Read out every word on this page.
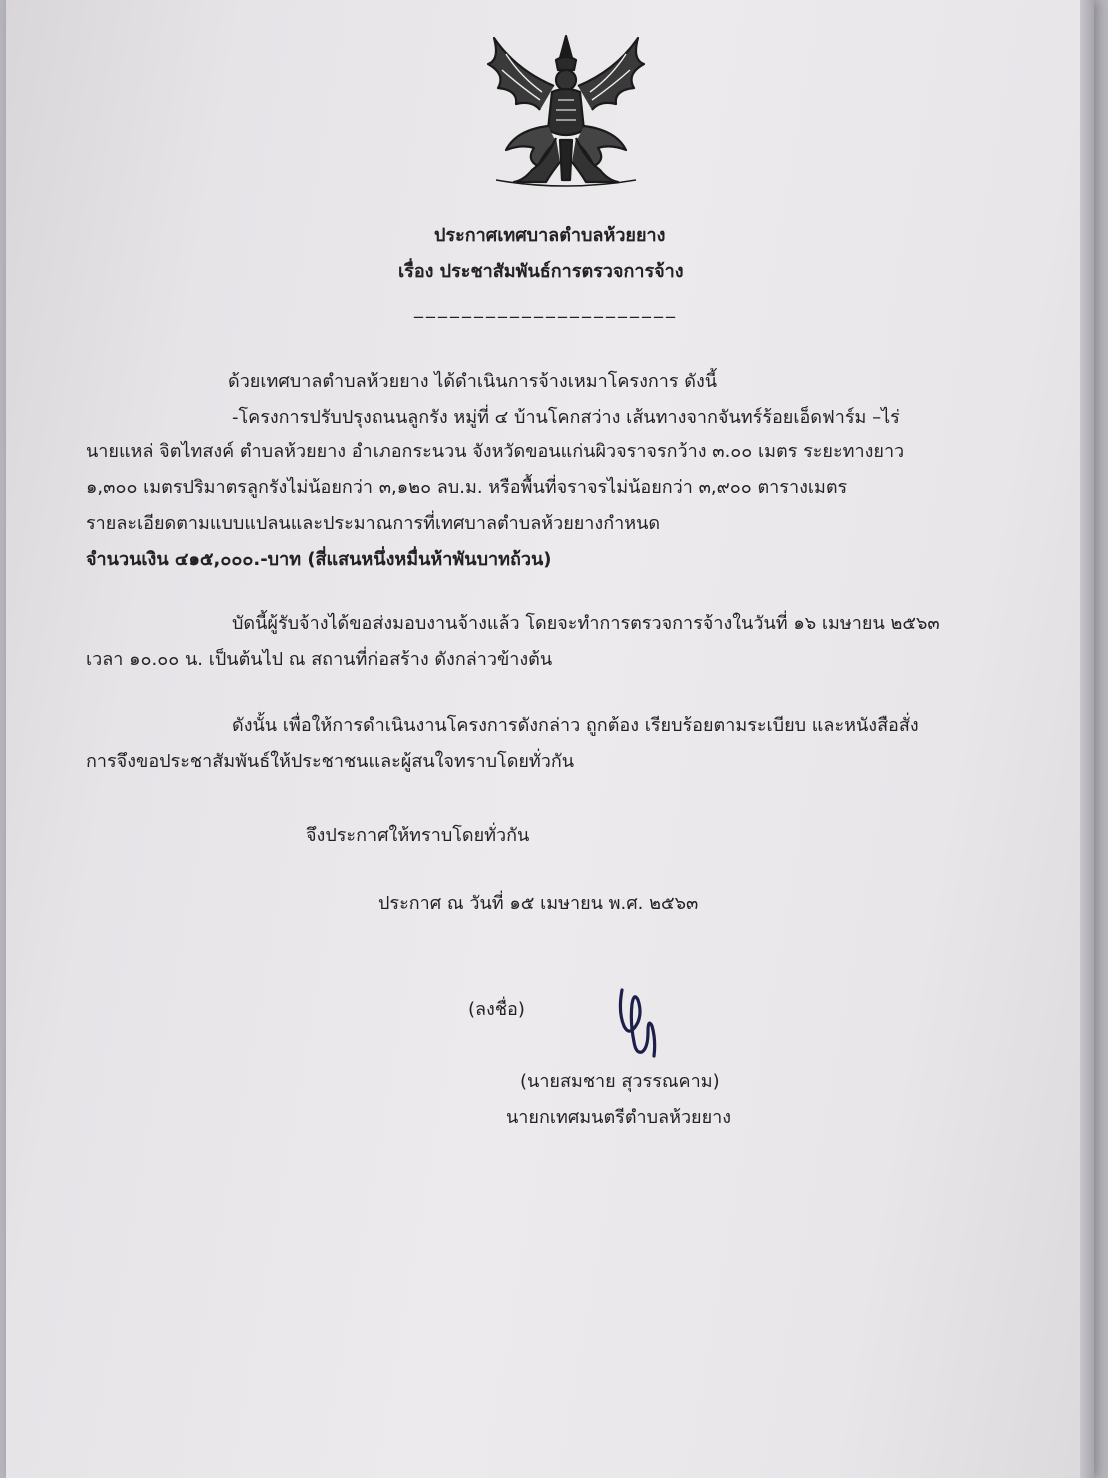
ประกาศเทศบาลตำบลห้วยยาง
เรื่อง ประชาสัมพันธ์การตรวจการจ้าง
______________________
ด้วยเทศบาลตำบลห้วยยาง ได้ดำเนินการจ้างเหมาโครงการ ดังนี้
-โครงการปรับปรุงถนนลูกรัง หมู่ที่ ๔ บ้านโคกสว่าง เส้นทางจากจันทร์ร้อยเอ็ดฟาร์ม –ไร่
นายแหล่ จิตไทสงค์ ตำบลห้วยยาง อำเภอกระนวน จังหวัดขอนแก่นผิวจราจรกว้าง ๓.๐๐ เมตร ระยะทางยาว
๑,๓๐๐ เมตรปริมาตรลูกรังไม่น้อยกว่า ๓,๑๒๐ ลบ.ม. หรือพื้นที่จราจรไม่น้อยกว่า ๓,๙๐๐ ตารางเมตร
รายละเอียดตามแบบแปลนและประมาณการที่เทศบาลตำบลห้วยยางกำหนด
จำนวนเงิน ๔๑๕,๐๐๐.-บาท (สี่แสนหนึ่งหมื่นห้าพันบาทถ้วน)
บัดนี้ผู้รับจ้างได้ขอส่งมอบงานจ้างแล้ว โดยจะทำการตรวจการจ้างในวันที่ ๑๖ เมษายน ๒๕๖๓
เวลา ๑๐.๐๐ น. เป็นต้นไป ณ สถานที่ก่อสร้าง ดังกล่าวข้างต้น
ดังนั้น เพื่อให้การดำเนินงานโครงการดังกล่าว ถูกต้อง เรียบร้อยตามระเบียบ และหนังสือสั่ง
การจึงขอประชาสัมพันธ์ให้ประชาชนและผู้สนใจทราบโดยทั่วกัน
จึงประกาศให้ทราบโดยทั่วกัน
ประกาศ ณ วันที่ ๑๕ เมษายน พ.ศ. ๒๕๖๓
(ลงชื่อ)
(นายสมชาย สุวรรณคาม)
นายกเทศมนตรีตำบลห้วยยาง
